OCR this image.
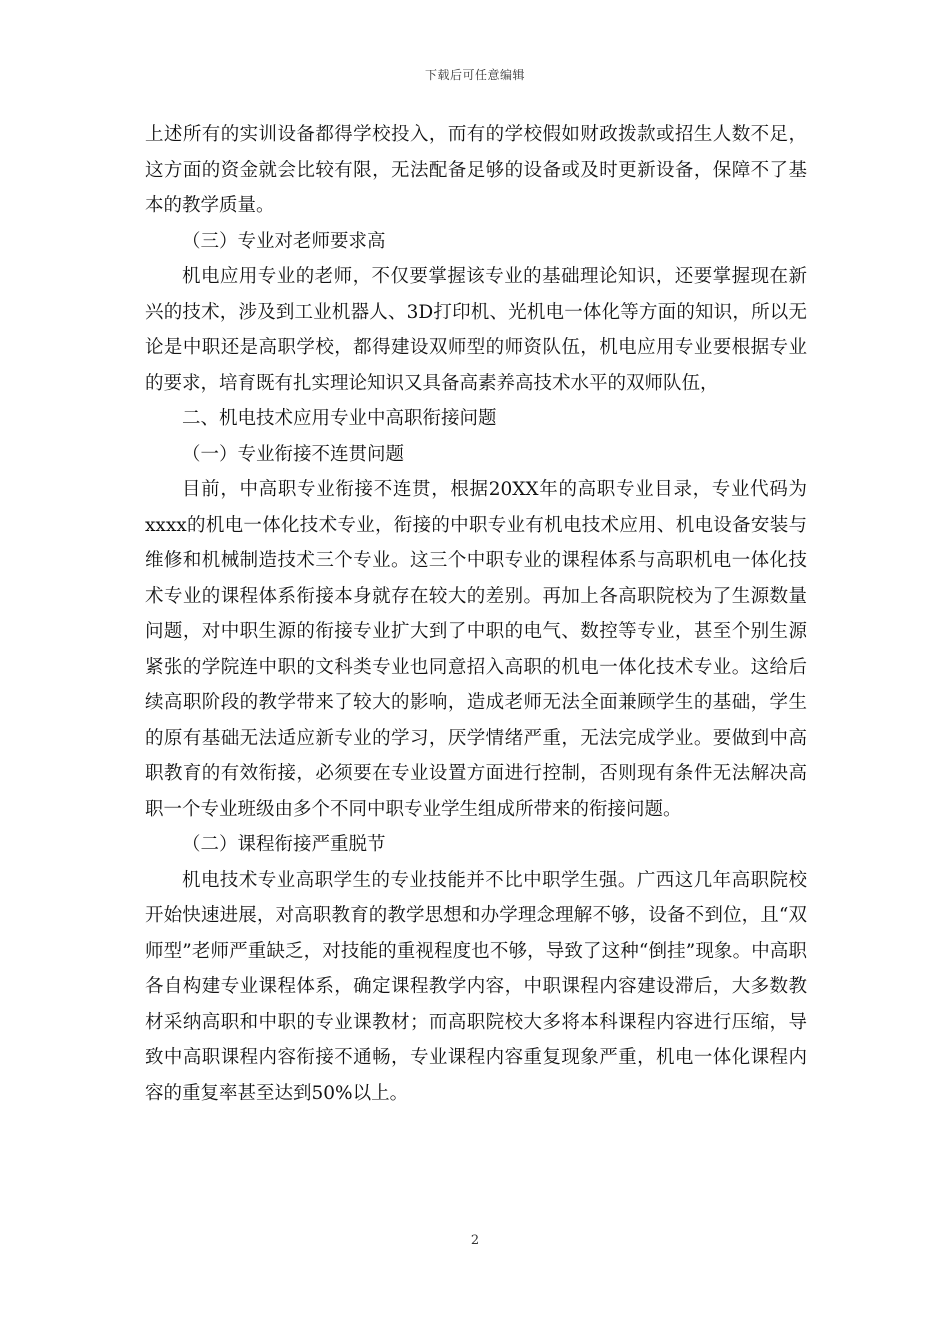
下载后可任意编辑

上述所有的实训设备都得学校投入，而有的学校假如财政拨款或招生人数不足，这方面的资金就会比较有限，无法配备足够的设备或及时更新设备，保障不了基本的教学质量。

（三）专业对老师要求高

机电应用专业的老师，不仅要掌握该专业的基础理论知识，还要掌握现在新兴的技术，涉及到工业机器人、3D打印机、光机电一体化等方面的知识，所以无论是中职还是高职学校，都得建设双师型的师资队伍，机电应用专业要根据专业的要求，培育既有扎实理论知识又具备高素养高技术水平的双师队伍，

二、机电技术应用专业中高职衔接问题

（一）专业衔接不连贯问题

目前，中高职专业衔接不连贯，根据20XX年的高职专业目录，专业代码为xxxx的机电一体化技术专业，衔接的中职专业有机电技术应用、机电设备安装与维修和机械制造技术三个专业。这三个中职专业的课程体系与高职机电一体化技术专业的课程体系衔接本身就存在较大的差别。再加上各高职院校为了生源数量问题，对中职生源的衔接专业扩大到了中职的电气、数控等专业，甚至个别生源紧张的学院连中职的文科类专业也同意招入高职的机电一体化技术专业。这给后续高职阶段的教学带来了较大的影响，造成老师无法全面兼顾学生的基础，学生的原有基础无法适应新专业的学习，厌学情绪严重，无法完成学业。要做到中高职教育的有效衔接，必须要在专业设置方面进行控制，否则现有条件无法解决高职一个专业班级由多个不同中职专业学生组成所带来的衔接问题。

（二）课程衔接严重脱节

机电技术专业高职学生的专业技能并不比中职学生强。广西这几年高职院校开始快速进展，对高职教育的教学思想和办学理念理解不够，设备不到位，且“双师型”老师严重缺乏，对技能的重视程度也不够，导致了这种“倒挂”现象。中高职各自构建专业课程体系，确定课程教学内容，中职课程内容建设滞后，大多数教材采纳高职和中职的专业课教材；而高职院校大多将本科课程内容进行压缩，导致中高职课程内容衔接不通畅，专业课程内容重复现象严重，机电一体化课程内容的重复率甚至达到50%以上。

2
